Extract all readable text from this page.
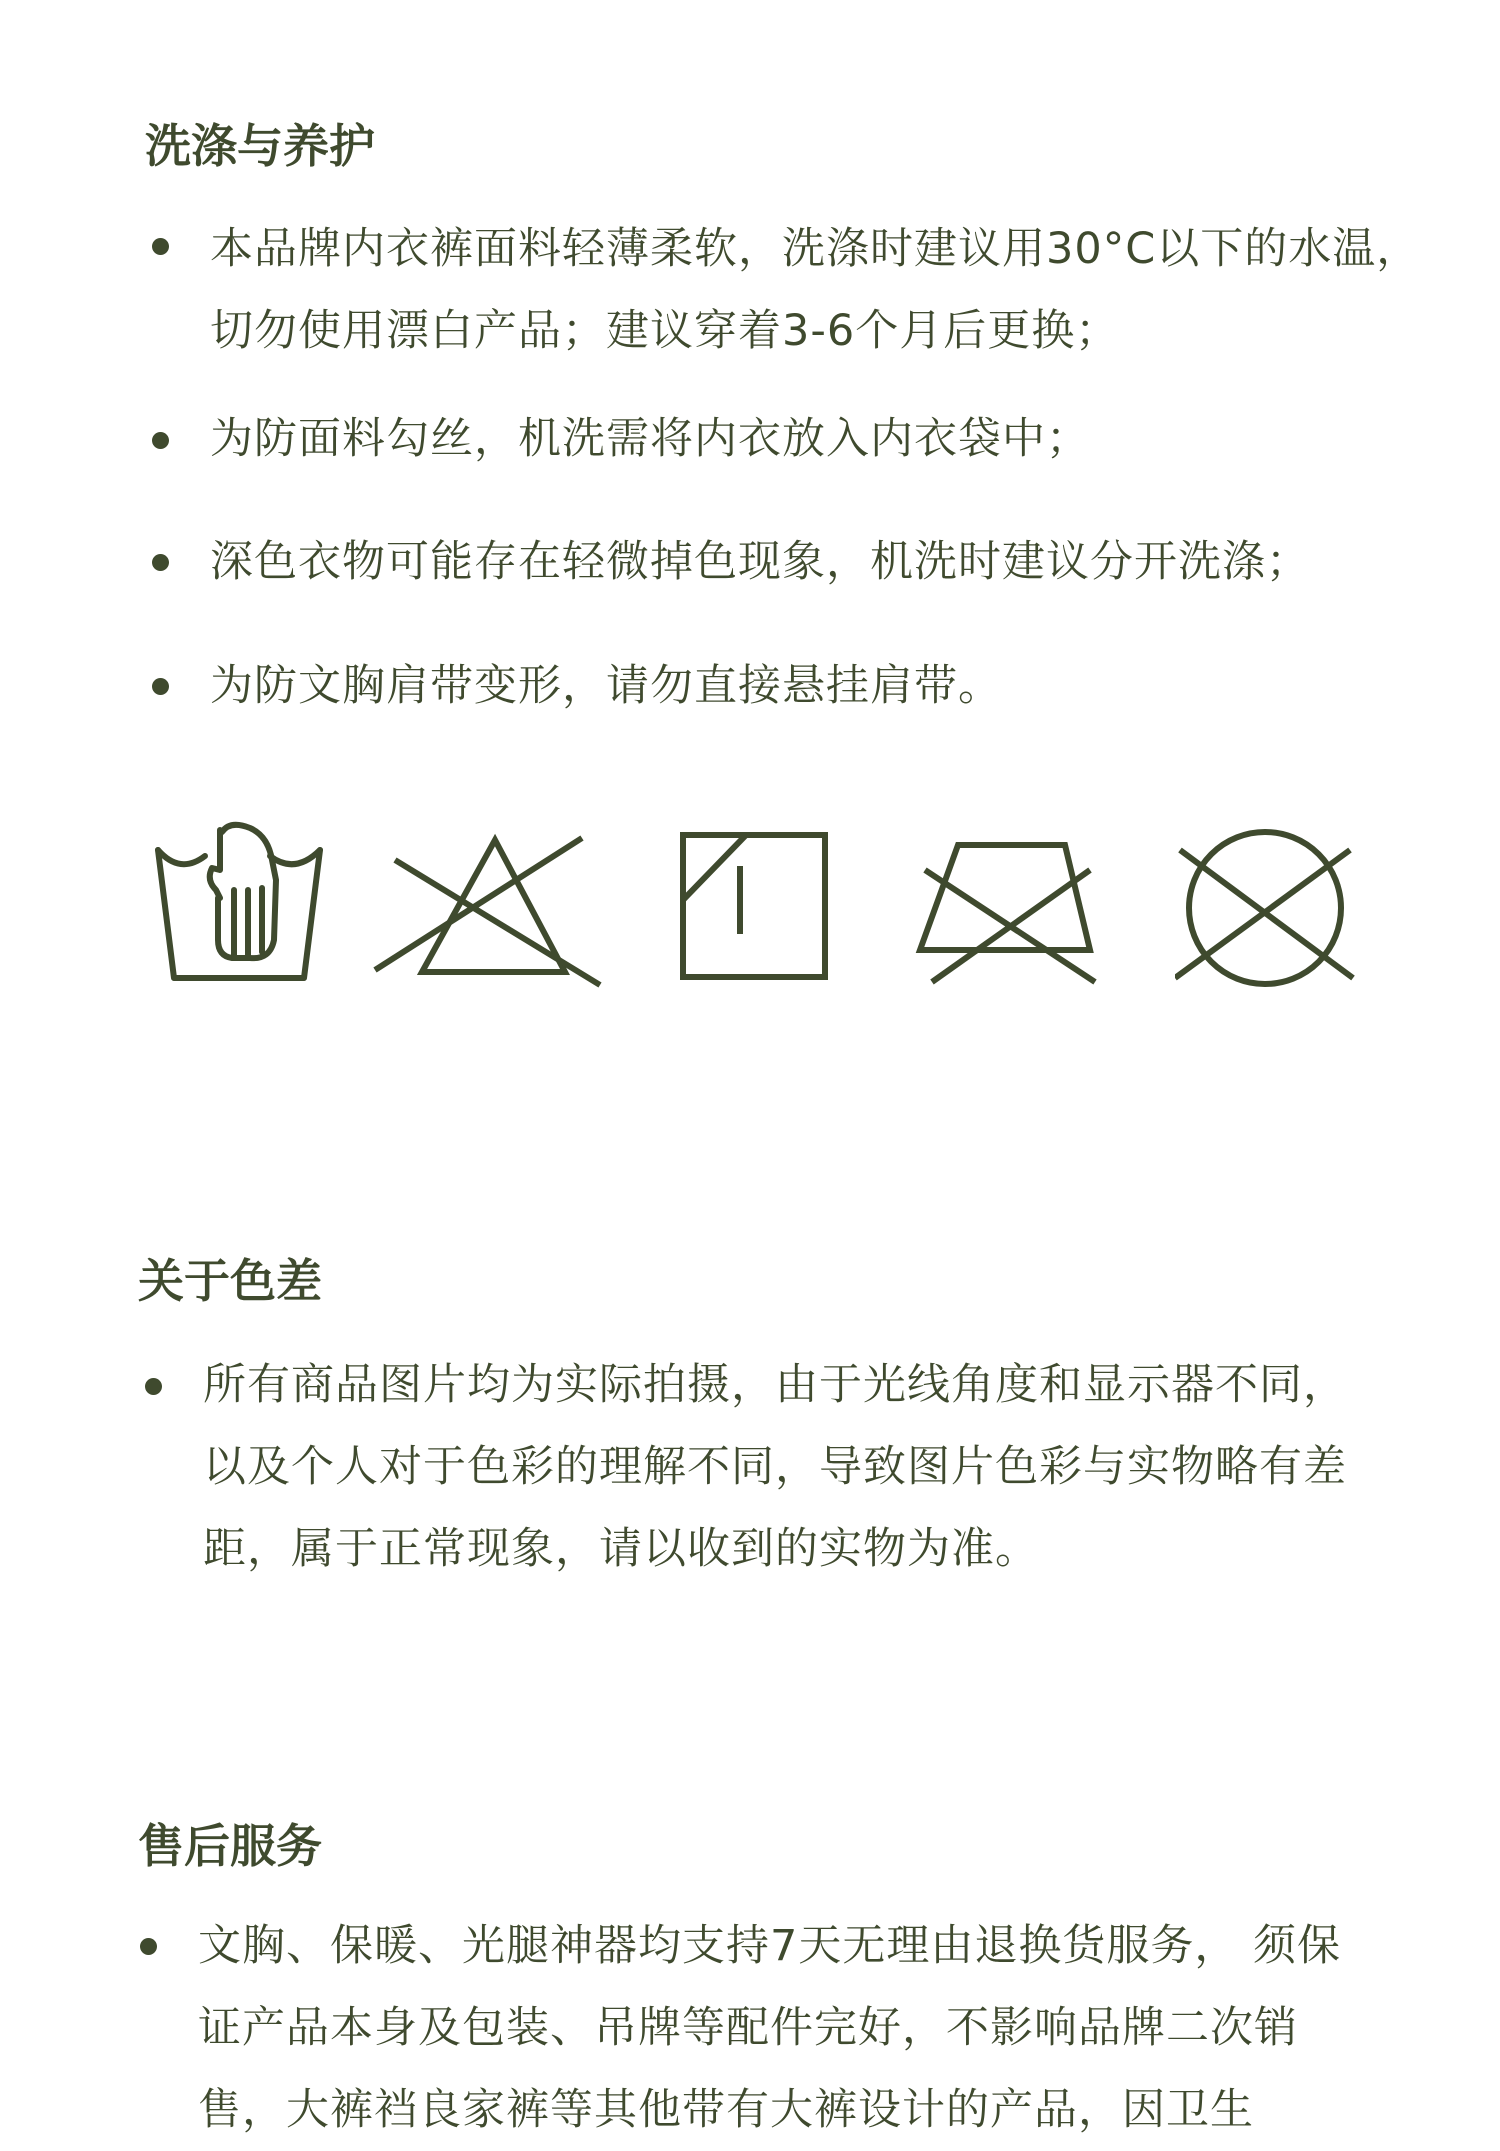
洗涤与养护
本品牌内衣裤面料轻薄柔软，洗涤时建议用30°C以下的水温，切勿使用漂白产品；建议穿着3-6个月后更换；
为防面料勾丝，机洗需将内衣放入内衣袋中；
深色衣物可能存在轻微掉色现象，机洗时建议分开洗涤；
为防文胸肩带变形，请勿直接悬挂肩带。
关于色差
所有商品图片均为实际拍摄，由于光线角度和显示器不同，以及个人对于色彩的理解不同，导致图片色彩与实物略有差距，属于正常现象，请以收到的实物为准。
售后服务
文胸、保暖、光腿神器均支持7天无理由退换货服务， 须保证产品本身及包装、吊牌等配件完好，不影响品牌二次销售，大裤裆良家裤等其他带有大裤设计的产品，因卫生
